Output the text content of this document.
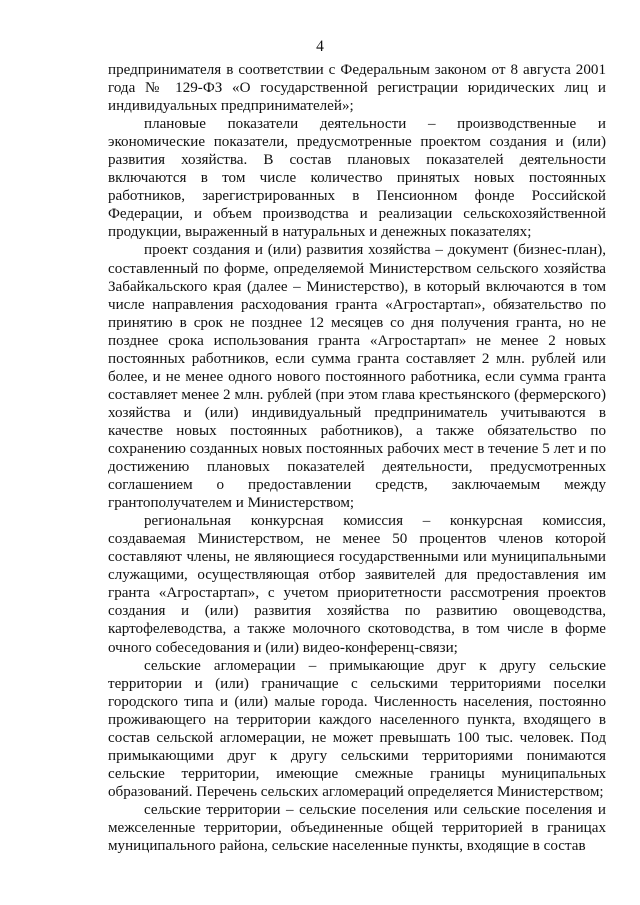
4

предпринимателя в соответствии с Федеральным законом от 8 августа 2001 года № 129-ФЗ «О государственной регистрации юридических лиц и индивидуальных предпринимателей»;

плановые показатели деятельности – производственные и экономические показатели, предусмотренные проектом создания и (или) развития хозяйства. В состав плановых показателей деятельности включаются в том числе количество принятых новых постоянных работников, зарегистрированных в Пенсионном фонде Российской Федерации, и объем производства и реализации сельскохозяйственной продукции, выраженный в натуральных и денежных показателях;

проект создания и (или) развития хозяйства – документ (бизнес-план), составленный по форме, определяемой Министерством сельского хозяйства Забайкальского края (далее – Министерство), в который включаются в том числе направления расходования гранта «Агростартап», обязательство по принятию в срок не позднее 12 месяцев со дня получения гранта, но не позднее срока использования гранта «Агростартап» не менее 2 новых постоянных работников, если сумма гранта составляет 2 млн. рублей или более, и не менее одного нового постоянного работника, если сумма гранта составляет менее 2 млн. рублей (при этом глава крестьянского (фермерского) хозяйства и (или) индивидуальный предприниматель учитываются в качестве новых постоянных работников), а также обязательство по сохранению созданных новых постоянных рабочих мест в течение 5 лет и по достижению плановых показателей деятельности, предусмотренных соглашением о предоставлении средств, заключаемым между грантополучателем и Министерством;

региональная конкурсная комиссия – конкурсная комиссия, создаваемая Министерством, не менее 50 процентов членов которой составляют члены, не являющиеся государственными или муниципальными служащими, осуществляющая отбор заявителей для предоставления им гранта «Агростартап», с учетом приоритетности рассмотрения проектов создания и (или) развития хозяйства по развитию овощеводства, картофелеводства, а также молочного скотоводства, в том числе в форме очного собеседования и (или) видео-конференц-связи;

сельские агломерации – примыкающие друг к другу сельские территории и (или) граничащие с сельскими территориями поселки городского типа и (или) малые города. Численность населения, постоянно проживающего на территории каждого населенного пункта, входящего в состав сельской агломерации, не может превышать 100 тыс. человек. Под примыкающими друг к другу сельскими территориями понимаются сельские территории, имеющие смежные границы муниципальных образований. Перечень сельских агломераций определяется Министерством;

сельские территории – сельские поселения или сельские поселения и межселенные территории, объединенные общей территорией в границах муниципального района, сельские населенные пункты, входящие в состав
